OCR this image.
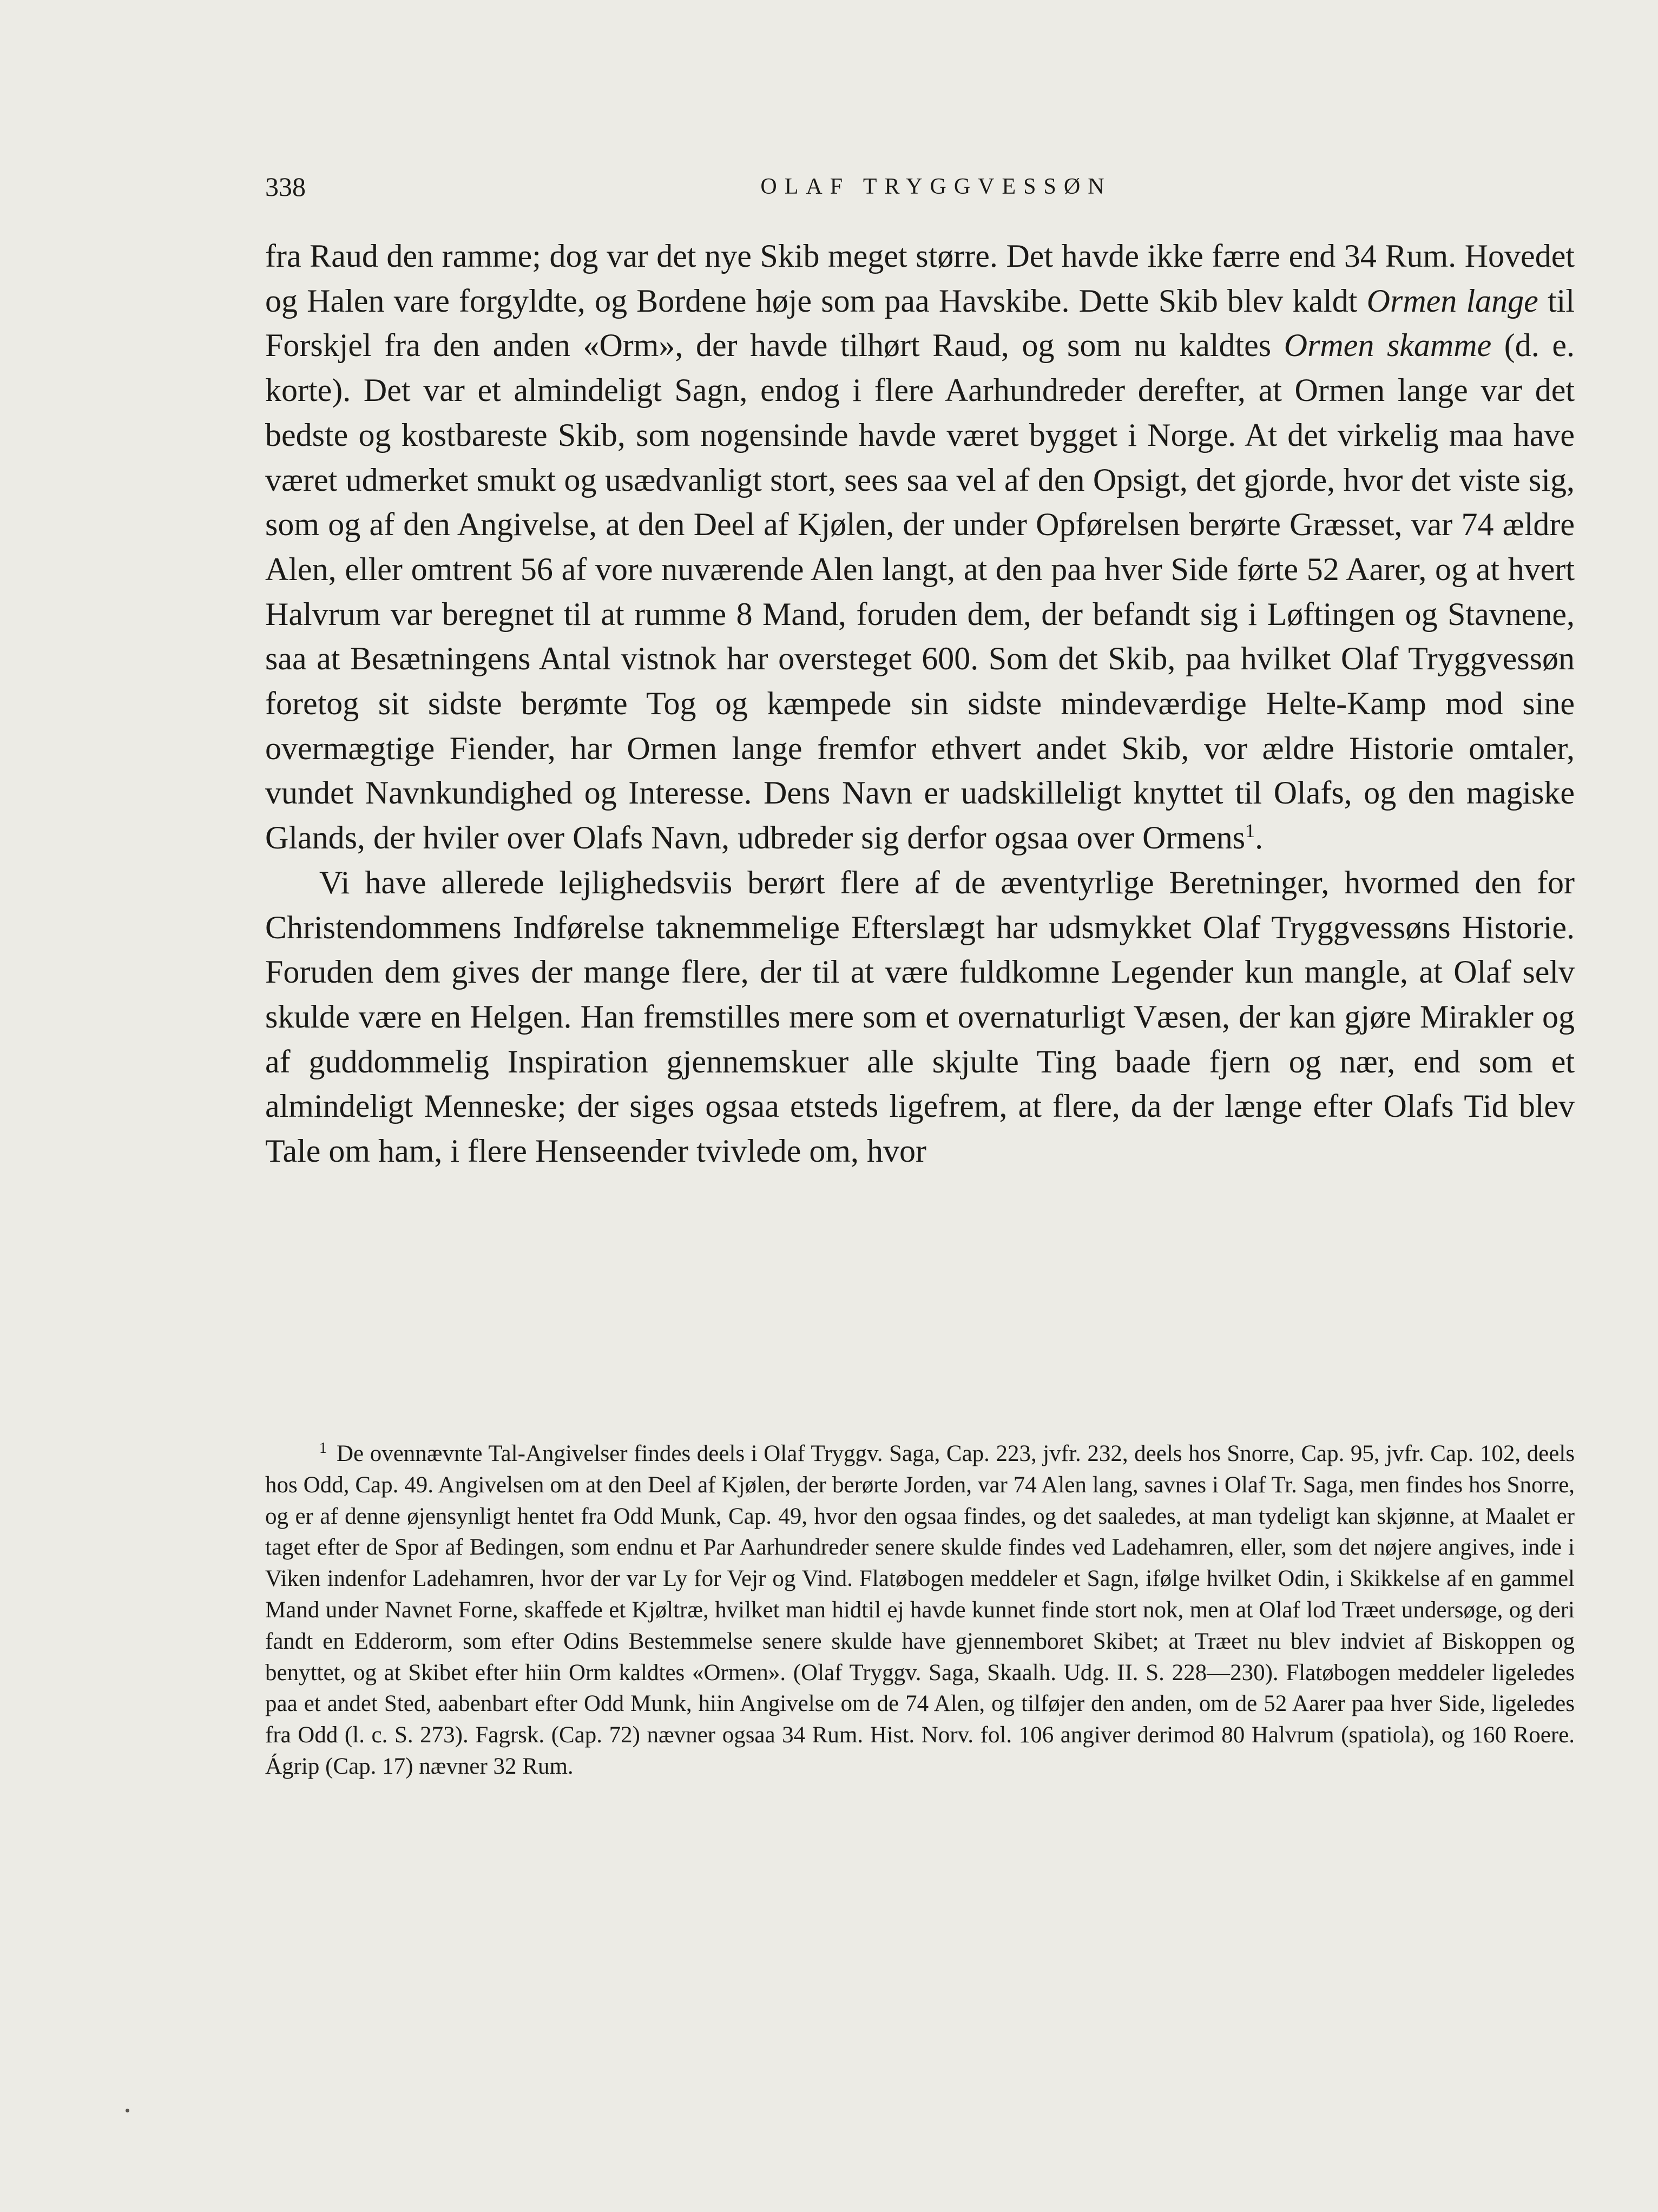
338	OLAF TRYGGVESSØN

fra Raud den ramme; dog var det nye Skib meget større. Det havde ikke færre end 34 Rum. Hovedet og Halen vare forgyldte, og Bordene høje som paa Havskibe. Dette Skib blev kaldt Ormen lange til Forskjel fra den anden «Orm», der havde tilhørt Raud, og som nu kaldtes Ormen skamme (d. e. korte). Det var et almindeligt Sagn, endog i flere Aarhundreder derefter, at Ormen lange var det bedste og kostbareste Skib, som nogensinde havde været bygget i Norge. At det virkelig maa have været udmerket smukt og usædvanligt stort, sees saa vel af den Opsigt, det gjorde, hvor det viste sig, som og af den Angivelse, at den Deel af Kjølen, der under Opførelsen berørte Græsset, var 74 ældre Alen, eller omtrent 56 af vore nuværende Alen langt, at den paa hver Side førte 52 Aarer, og at hvert Halvrum var beregnet til at rumme 8 Mand, foruden dem, der befandt sig i Løftingen og Stavnene, saa at Besætningens Antal vistnok har oversteget 600. Som det Skib, paa hvilket Olaf Tryggvessøn foretog sit sidste berømte Tog og kæmpede sin sidste mindeværdige Helte-Kamp mod sine overmægtige Fiender, har Ormen lange fremfor ethvert andet Skib, vor ældre Historie omtaler, vundet Navnkundighed og Interesse. Dens Navn er uadskilleligt knyttet til Olafs, og den magiske Glands, der hviler over Olafs Navn, udbreder sig derfor ogsaa over Ormens$^1$.

Vi have allerede lejlighedsviis berørt flere af de æventyrlige Beretninger, hvormed den for Christendommens Indførelse taknemmelige Efterslægt har udsmykket Olaf Tryggvessøns Historie. Foruden dem gives der mange flere, der til at være fuldkomne Legender kun mangle, at Olaf selv skulde være en Helgen. Han fremstilles mere som et overnaturligt Væsen, der kan gjøre Mirakler og af guddommelig Inspiration gjennemskuer alle skjulte Ting baade fjern og nær, end som et almindeligt Menneske; der siges ogsaa etsteds ligefrem, at flere, da der længe efter Olafs Tid blev Tale om ham, i flere Henseender tvivlede om, hvor

$^1$ De ovennævnte Tal-Angivelser findes deels i Olaf Tryggv. Saga, Cap. 223, jvfr. 232, deels hos Snorre, Cap. 95, jvfr. Cap. 102, deels hos Odd, Cap. 49. Angivelsen om at den Deel af Kjølen, der berørte Jorden, var 74 Alen lang, savnes i Olaf Tr. Saga, men findes hos Snorre, og er af denne øjensynligt hentet fra Odd Munk, Cap. 49, hvor den ogsaa findes, og det saaledes, at man tydeligt kan skjønne, at Maalet er taget efter de Spor af Bedingen, som endnu et Par Aarhundreder senere skulde findes ved Ladehamren, eller, som det nøjere angives, inde i Viken indenfor Ladehamren, hvor der var Ly for Vejr og Vind. Flatøbogen meddeler et Sagn, ifølge hvilket Odin, i Skikkelse af en gammel Mand under Navnet Forne, skaffede et Kjøltræ, hvilket man hidtil ej havde kunnet finde stort nok, men at Olaf lod Træet undersøge, og deri fandt en Edderorm, som efter Odins Bestemmelse senere skulde have gjennemboret Skibet; at Træet nu blev indviet af Biskoppen og benyttet, og at Skibet efter hiin Orm kaldtes «Ormen». (Olaf Tryggv. Saga, Skaalh. Udg. II. S. 228—230). Flatøbogen meddeler ligeledes paa et andet Sted, aabenbart efter Odd Munk, hiin Angivelse om de 74 Alen, og tilføjer den anden, om de 52 Aarer paa hver Side, ligeledes fra Odd (l. c. S. 273). Fagrsk. (Cap. 72) nævner ogsaa 34 Rum. Hist. Norv. fol. 106 angiver derimod 80 Halvrum (spatiola), og 160 Roere. Ágrip (Cap. 17) nævner 32 Rum.
